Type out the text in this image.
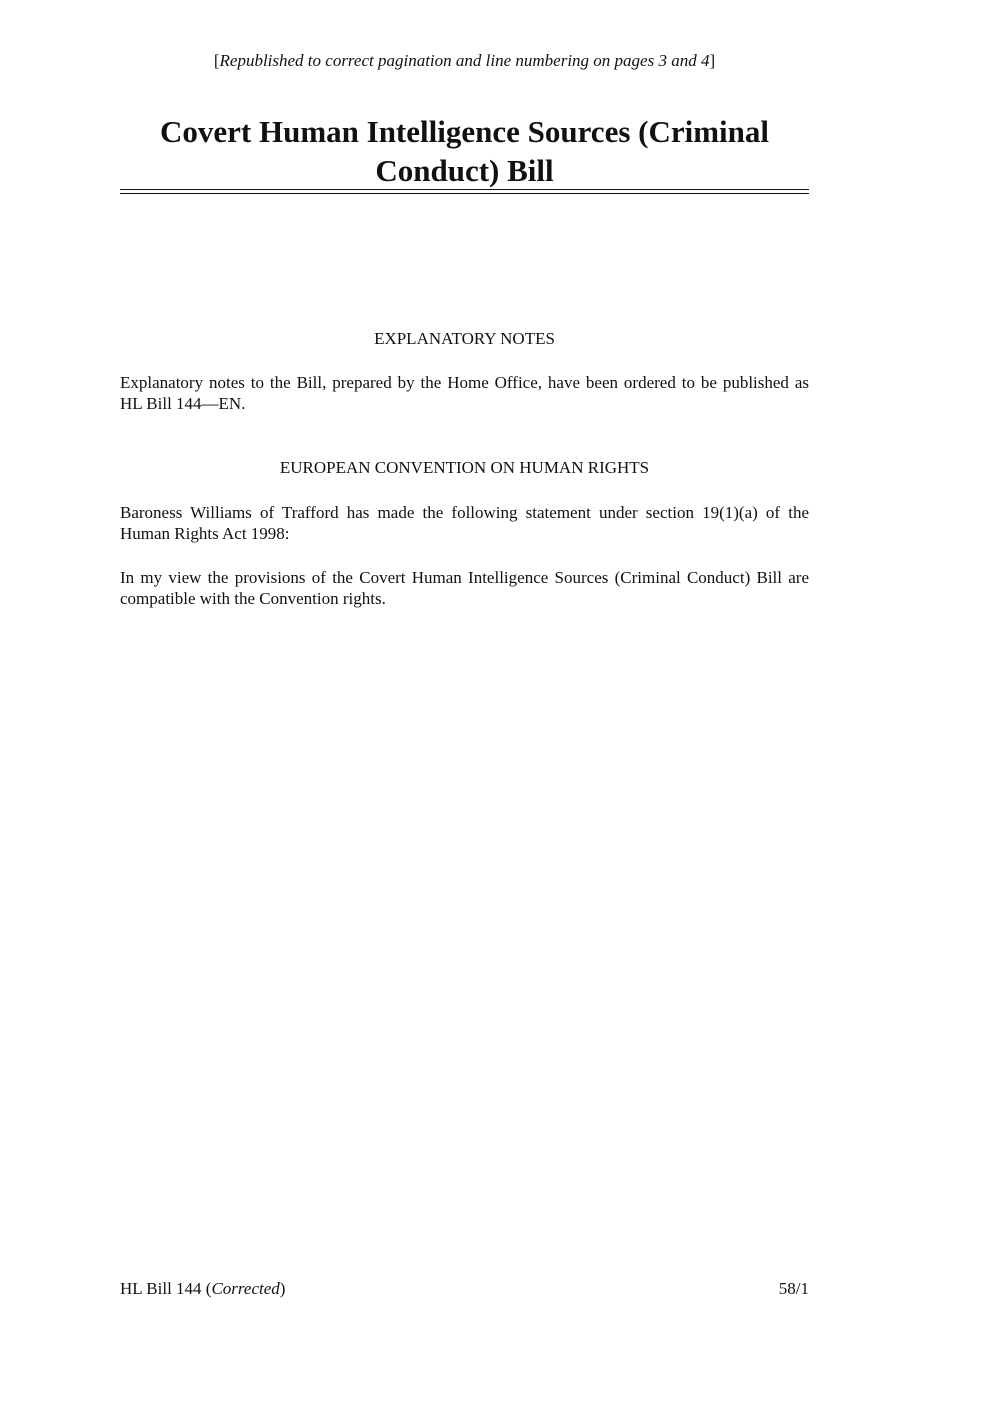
[Republished to correct pagination and line numbering on pages 3 and 4]
Covert Human Intelligence Sources (Criminal
Conduct) Bill
EXPLANATORY NOTES

Explanatory notes to the Bill, prepared by the Home Office, have been ordered to be published as HL Bill 144—EN.

EUROPEAN CONVENTION ON HUMAN RIGHTS

Baroness Williams of Trafford has made the following statement under section 19(1)(a) of the Human Rights Act 1998:

In my view the provisions of the Covert Human Intelligence Sources (Criminal Conduct) Bill are compatible with the Convention rights.

HL Bill 144 (Corrected)	58/1
